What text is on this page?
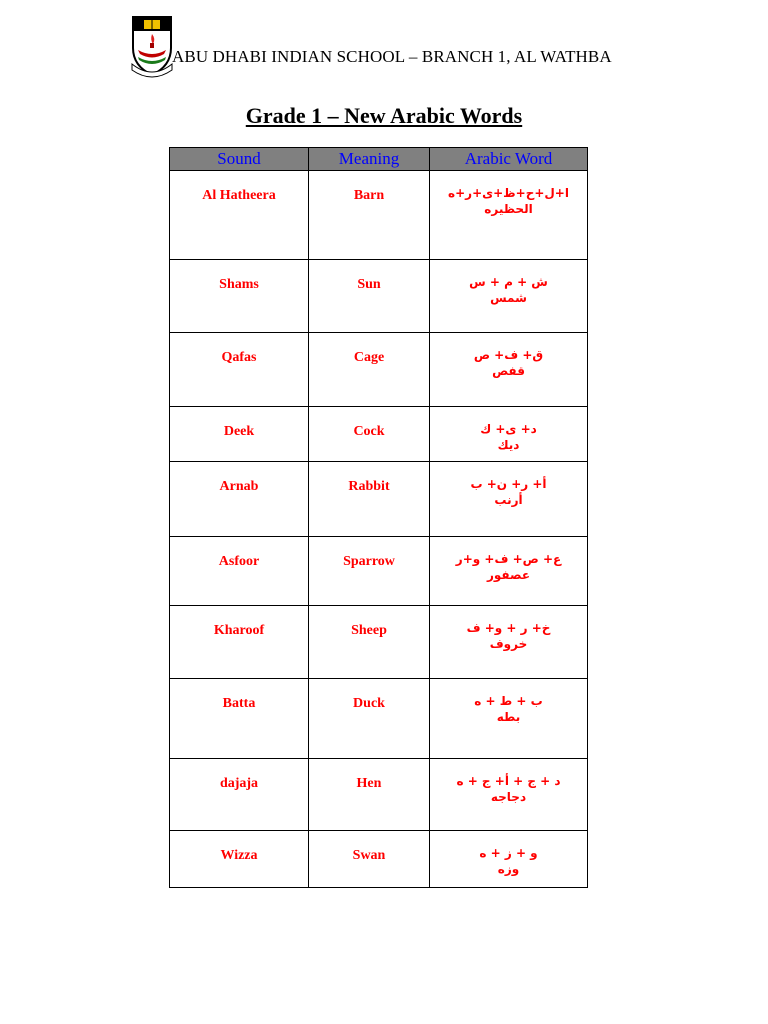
ABU DHABI INDIAN SCHOOL – BRANCH 1, AL WATHBA
Grade 1 – New Arabic Words
Sound	Meaning	Arabic Word
Al Hatheera	Barn	ا+ل+ح+ظ+ى+ر+ه
الحظيره

Shams	Sun	ش + م + س
شمس

Qafas	Cage	ق+ ف+ ص
قفص

Deek	Cock	د+ ى+ ك
ديك

Arnab	Rabbit	أ+ ر+ ن+ ب
أرنب

Asfoor	Sparrow	ع+ ص+ ف+ و+ر
عصفور

Kharoof	Sheep	خ+ ر + و+ ف
خروف

Batta	Duck	ب + ط + ه
بطه

dajaja	Hen	د + ج + أ+ ج + ه
دجاجه

Wizza	Swan	و + ز + ه
وزه
